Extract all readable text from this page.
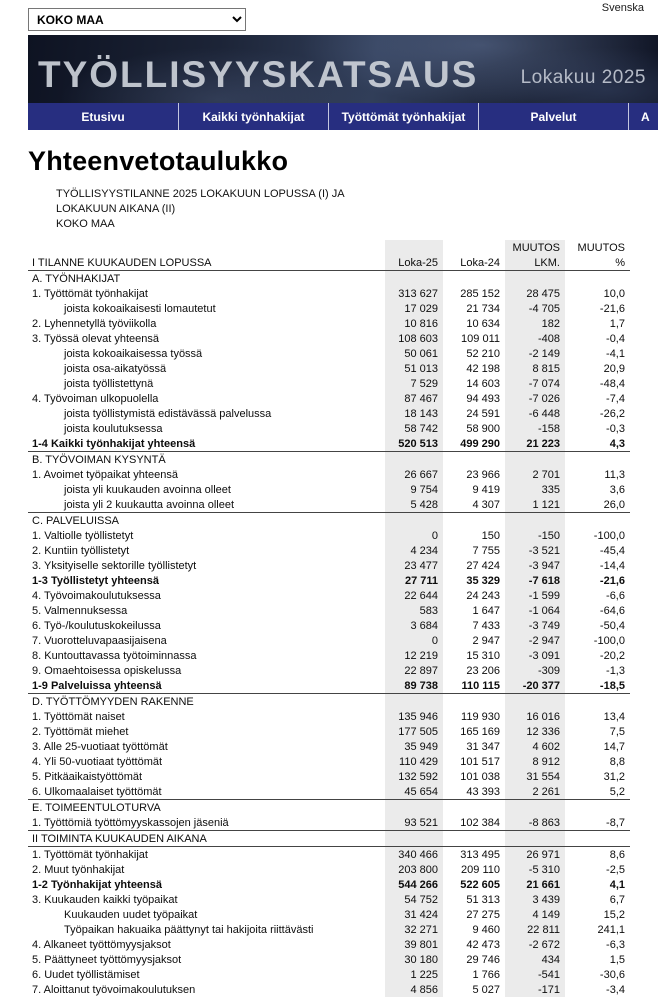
Svenska
KOKO MAA
TYÖLLISYYSKATSAUS Lokakuu 2025
Etusivu	Kaikki työnhakijat	Työttömät työnhakijat	Palvelut	A
Yhteenvetotaulukko
TYÖLLISYYSTILANNE 2025 LOKAKUUN LOPUSSA (I) JA
LOKAKUUN AIKANA (II)
KOKO MAA
			MUUTOS	MUUTOS
I TILANNE KUUKAUDEN LOPUSSA	Loka-25	Loka-24	LKM.	%
A. TYÖNHAKIJAT				
1. Työttömät työnhakijat	313 627	285 152	28 475	10,0
joista kokoaikaisesti lomautetut	17 029	21 734	-4 705	-21,6
2. Lyhennetyllä työviikolla	10 816	10 634	182	1,7
3. Työssä olevat yhteensä	108 603	109 011	-408	-0,4
joista kokoaikaisessa työssä	50 061	52 210	-2 149	-4,1
joista osa-aikatyössä	51 013	42 198	8 815	20,9
joista työllistettynä	7 529	14 603	-7 074	-48,4
4. Työvoiman ulkopuolella	87 467	94 493	-7 026	-7,4
joista työllistymistä edistävässä palvelussa	18 143	24 591	-6 448	-26,2
joista koulutuksessa	58 742	58 900	-158	-0,3
1-4 Kaikki työnhakijat yhteensä	520 513	499 290	21 223	4,3
B. TYÖVOIMAN KYSYNTÄ				
1. Avoimet työpaikat yhteensä	26 667	23 966	2 701	11,3
joista yli kuukauden avoinna olleet	9 754	9 419	335	3,6
joista yli 2 kuukautta avoinna olleet	5 428	4 307	1 121	26,0
C. PALVELUISSA				
1. Valtiolle työllistetyt	0	150	-150	-100,0
2. Kuntiin työllistetyt	4 234	7 755	-3 521	-45,4
3. Yksityiselle sektorille työllistetyt	23 477	27 424	-3 947	-14,4
1-3 Työllistetyt yhteensä	27 711	35 329	-7 618	-21,6
4. Työvoimakoulutuksessa	22 644	24 243	-1 599	-6,6
5. Valmennuksessa	583	1 647	-1 064	-64,6
6. Työ-/koulutuskokeilussa	3 684	7 433	-3 749	-50,4
7. Vuorotteluvapaasijaisena	0	2 947	-2 947	-100,0
8. Kuntouttavassa työtoiminnassa	12 219	15 310	-3 091	-20,2
9. Omaehtoisessa opiskelussa	22 897	23 206	-309	-1,3
1-9 Palveluissa yhteensä	89 738	110 115	-20 377	-18,5
D. TYÖTTÖMYYDEN RAKENNE				
1. Työttömät naiset	135 946	119 930	16 016	13,4
2. Työttömät miehet	177 505	165 169	12 336	7,5
3. Alle 25-vuotiaat työttömät	35 949	31 347	4 602	14,7
4. Yli 50-vuotiaat työttömät	110 429	101 517	8 912	8,8
5. Pitkäaikaistyöttömät	132 592	101 038	31 554	31,2
6. Ulkomaalaiset työttömät	45 654	43 393	2 261	5,2
E. TOIMEENTULOTURVA				
1. Työttömiä työttömyyskassojen jäseniä	93 521	102 384	-8 863	-8,7
II TOIMINTA KUUKAUDEN AIKANA				
1. Työttömät työnhakijat	340 466	313 495	26 971	8,6
2. Muut työnhakijat	203 800	209 110	-5 310	-2,5
1-2 Työnhakijat yhteensä	544 266	522 605	21 661	4,1
3. Kuukauden kaikki työpaikat	54 752	51 313	3 439	6,7
Kuukauden uudet työpaikat	31 424	27 275	4 149	15,2
Työpaikan hakuaika päättynyt tai hakijoita riittävästi	32 271	9 460	22 811	241,1
4. Alkaneet työttömyysjaksot	39 801	42 473	-2 672	-6,3
5. Päättyneet työttömyysjaksot	30 180	29 746	434	1,5
6. Uudet työllistämiset	1 225	1 766	-541	-30,6
7. Aloittanut työvoimakoulutuksen	4 856	5 027	-171	-3,4
